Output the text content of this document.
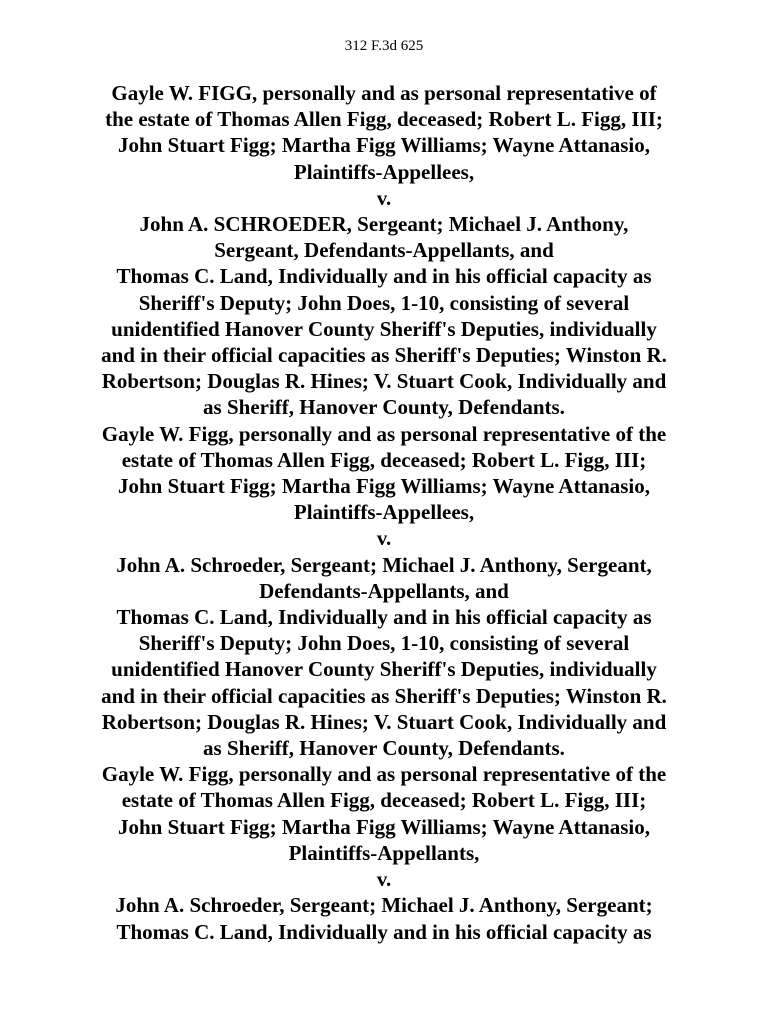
312 F.3d 625
Gayle W. FIGG, personally and as personal representative of
the estate of Thomas Allen Figg, deceased; Robert L. Figg, III;
John Stuart Figg; Martha Figg Williams; Wayne Attanasio,
Plaintiffs-Appellees,
v.
John A. SCHROEDER, Sergeant; Michael J. Anthony,
Sergeant, Defendants-Appellants, and
Thomas C. Land, Individually and in his official capacity as
Sheriff's Deputy; John Does, 1-10, consisting of several
unidentified Hanover County Sheriff's Deputies, individually
and in their official capacities as Sheriff's Deputies; Winston R.
Robertson; Douglas R. Hines; V. Stuart Cook, Individually and
as Sheriff, Hanover County, Defendants.
Gayle W. Figg, personally and as personal representative of the
estate of Thomas Allen Figg, deceased; Robert L. Figg, III;
John Stuart Figg; Martha Figg Williams; Wayne Attanasio,
Plaintiffs-Appellees,
v.
John A. Schroeder, Sergeant; Michael J. Anthony, Sergeant,
Defendants-Appellants, and
Thomas C. Land, Individually and in his official capacity as
Sheriff's Deputy; John Does, 1-10, consisting of several
unidentified Hanover County Sheriff's Deputies, individually
and in their official capacities as Sheriff's Deputies; Winston R.
Robertson; Douglas R. Hines; V. Stuart Cook, Individually and
as Sheriff, Hanover County, Defendants.
Gayle W. Figg, personally and as personal representative of the
estate of Thomas Allen Figg, deceased; Robert L. Figg, III;
John Stuart Figg; Martha Figg Williams; Wayne Attanasio,
Plaintiffs-Appellants,
v.
John A. Schroeder, Sergeant; Michael J. Anthony, Sergeant;
Thomas C. Land, Individually and in his official capacity as
